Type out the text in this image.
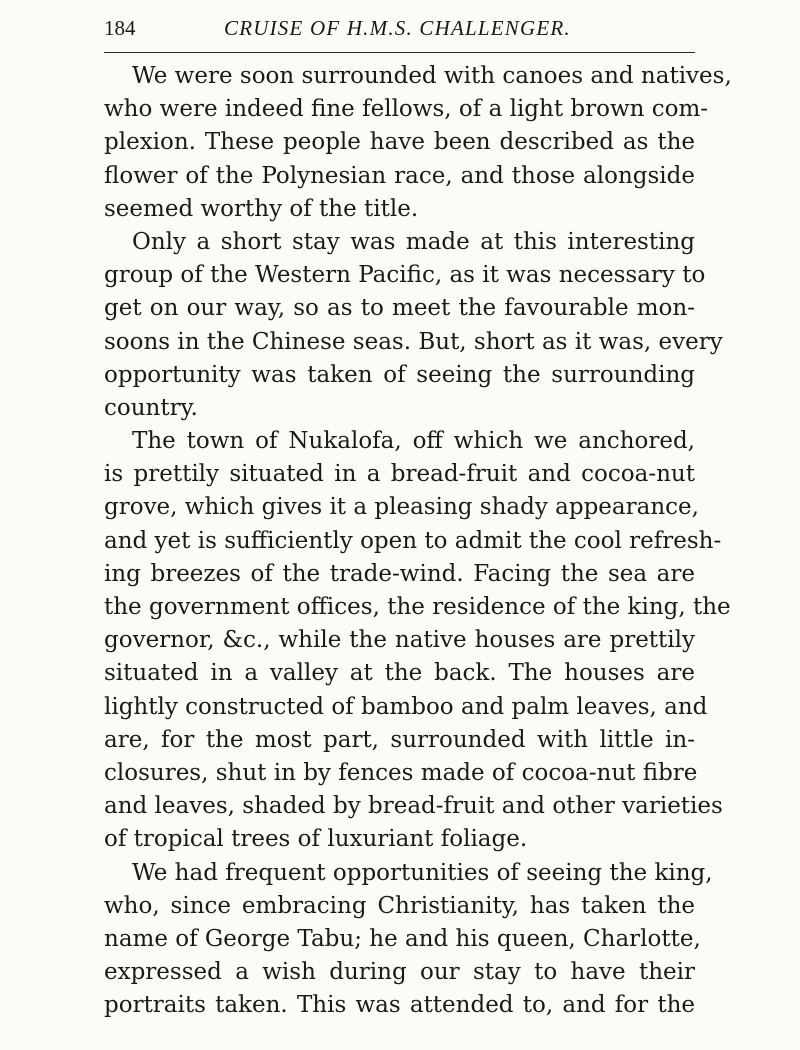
184	CRUISE OF H.M.S. CHALLENGER.
We were soon surrounded with canoes and natives,
who were indeed fine fellows, of a light brown com-
plexion. These people have been described as the
flower of the Polynesian race, and those alongside
seemed worthy of the title.
Only a short stay was made at this interesting
group of the Western Pacific, as it was necessary to
get on our way, so as to meet the favourable mon-
soons in the Chinese seas. But, short as it was, every
opportunity was taken of seeing the surrounding
country.
The town of Nukalofa, off which we anchored,
is prettily situated in a bread-fruit and cocoa-nut
grove, which gives it a pleasing shady appearance,
and yet is sufficiently open to admit the cool refresh-
ing breezes of the trade-wind. Facing the sea are
the government offices, the residence of the king, the
governor, &c., while the native houses are prettily
situated in a valley at the back. The houses are
lightly constructed of bamboo and palm leaves, and
are, for the most part, surrounded with little in-
closures, shut in by fences made of cocoa-nut fibre
and leaves, shaded by bread-fruit and other varieties
of tropical trees of luxuriant foliage.
We had frequent opportunities of seeing the king,
who, since embracing Christianity, has taken the
name of George Tabu; he and his queen, Charlotte,
expressed a wish during our stay to have their
portraits taken. This was attended to, and for the
